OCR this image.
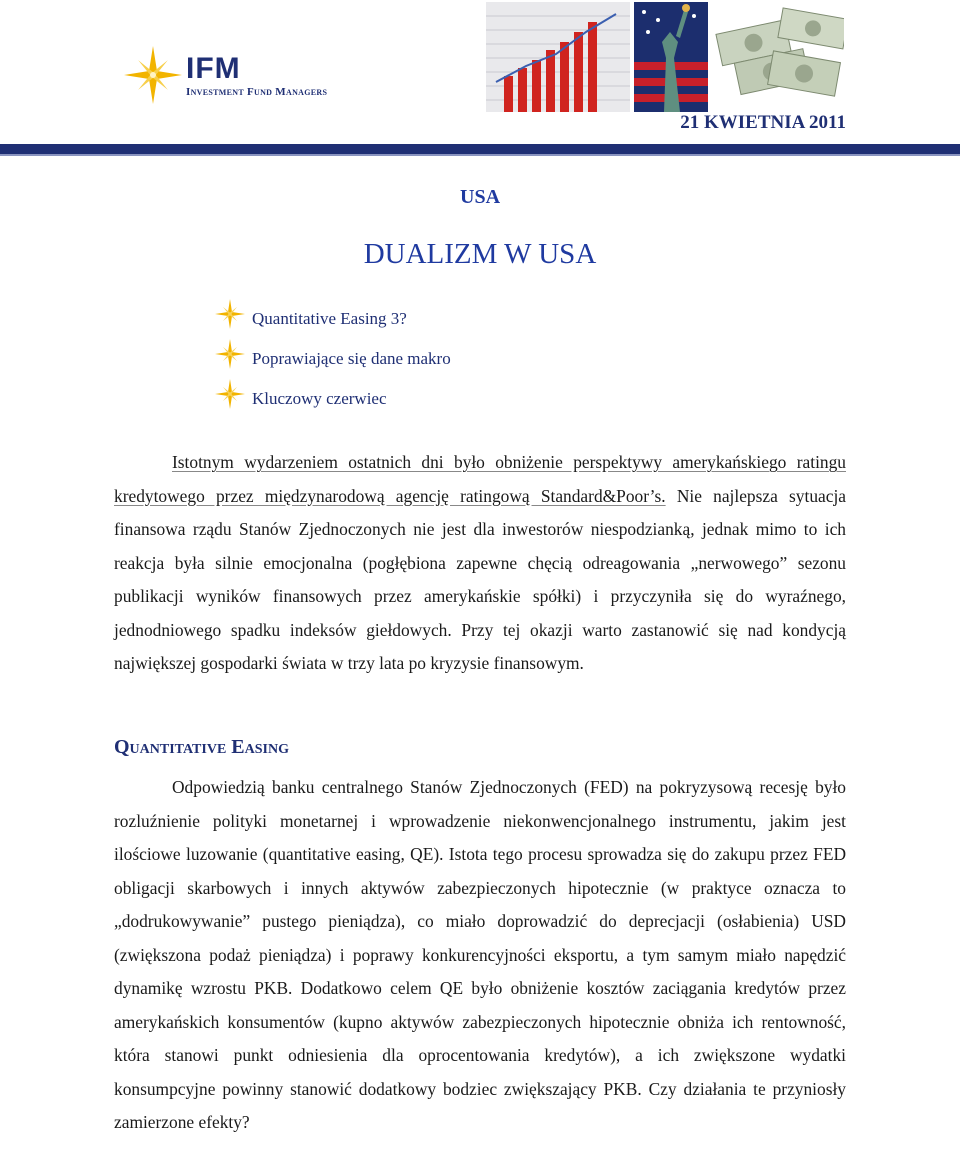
IFM
Investment Fund Managers
21 KWIETNIA 2011
USA
DUALIZM W USA
Quantitative Easing 3?
Poprawiające się dane makro
Kluczowy czerwiec
Istotnym wydarzeniem ostatnich dni było obniżenie perspektywy amerykańskiego ratingu kredytowego przez międzynarodową agencję ratingową Standard&Poor’s. Nie najlepsza sytuacja finansowa rządu Stanów Zjednoczonych nie jest dla inwestorów niespodzianką, jednak mimo to ich reakcja była silnie emocjonalna (pogłębiona zapewne chęcią odreagowania „nerwowego” sezonu publikacji wyników finansowych przez amerykańskie spółki) i przyczyniła się do wyraźnego, jednodniowego spadku indeksów giełdowych. Przy tej okazji warto zastanowić się nad kondycją największej gospodarki świata w trzy lata po kryzysie finansowym.
Quantitative Easing
Odpowiedzią banku centralnego Stanów Zjednoczonych (FED) na pokryzysową recesję było rozluźnienie polityki monetarnej i wprowadzenie niekonwencjonalnego instrumentu, jakim jest ilościowe luzowanie (quantitative easing, QE). Istota tego procesu sprowadza się do zakupu przez FED obligacji skarbowych i innych aktywów zabezpieczonych hipotecznie (w praktyce oznacza to „dodrukowywanie” pustego pieniądza), co miało doprowadzić do deprecjacji (osłabienia) USD (zwiększona podaż pieniądza) i poprawy konkurencyjności eksportu, a tym samym miało napędzić dynamikę wzrostu PKB. Dodatkowo celem QE było obniżenie kosztów zaciągania kredytów przez amerykańskich konsumentów (kupno aktywów zabezpieczonych hipotecznie obniża ich rentowność, która stanowi punkt odniesienia dla oprocentowania kredytów), a ich zwiększone wydatki konsumpcyjne powinny stanowić dodatkowy bodziec zwiększający PKB. Czy działania te przyniosły zamierzone efekty?
